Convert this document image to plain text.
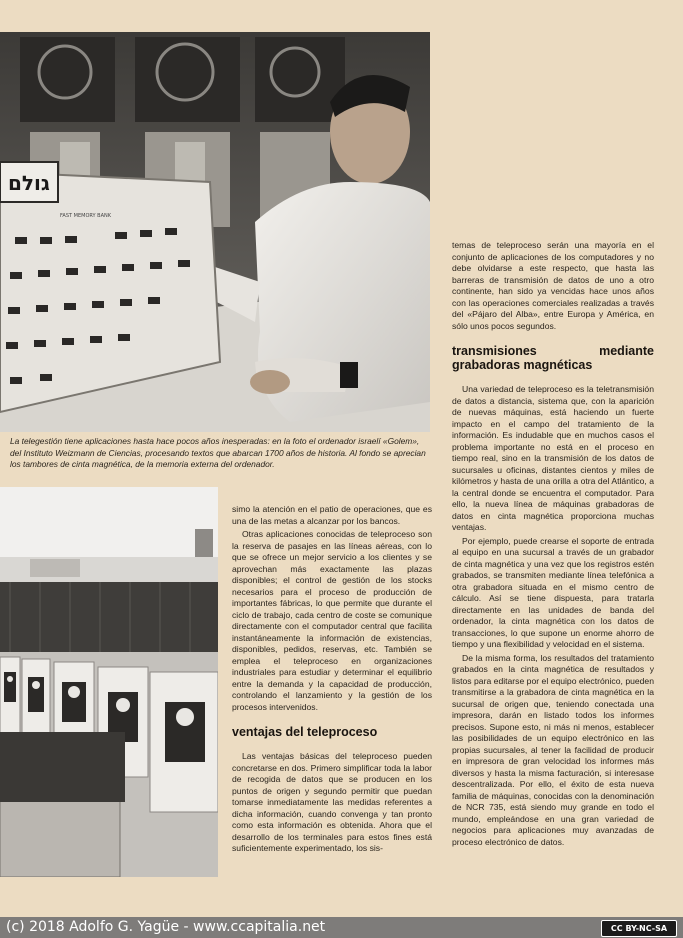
גולם
FAST MEMORY BANK

La telegestión tiene aplicaciones hasta hace pocos años inesperadas: en la foto el ordenador israelí «Golem», del Instituto Weizmann de Ciencias, procesando textos que abarcan 1700 años de historia. Al fondo se aprecian los tambores de cinta magnética, de la memoria externa del ordenador.

simo la atención en el patio de operaciones, que es una de las metas a alcanzar por los bancos.

Otras aplicaciones conocidas de teleproceso son la reserva de pasajes en las líneas aéreas, con lo que se ofrece un mejor servicio a los clientes y se aprovechan más exactamente las plazas disponibles; el control de gestión de los stocks necesarios para el proceso de producción de importantes fábricas, lo que permite que durante el ciclo de trabajo, cada centro de coste se comunique directamente con el computador central que facilita instantáneamente la información de existencias, disponibles, pedidos, reservas, etc. También se emplea el teleproceso en organizaciones industriales para estudiar y determinar el equilibrio entre la demanda y la capacidad de producción, controlando el lanzamiento y la gestión de los procesos intervenidos.

ventajas del teleproceso

Las ventajas básicas del teleproceso pueden concretarse en dos. Primero simplificar toda la labor de recogida de datos que se producen en los puntos de origen y segundo permitir que puedan tomarse inmediatamente las medidas referentes a dicha información, cuando convenga y tan pronto como esta información es obtenida. Ahora que el desarrollo de los terminales para estos fines está suficientemente experimentado, los sis-

temas de teleproceso serán una mayoría en el conjunto de aplicaciones de los computadores y no debe olvidarse a este respecto, que hasta las barreras de transmisión de datos de uno a otro continente, han sido ya vencidas hace unos años con las operaciones comerciales realizadas a través del «Pájaro del Alba», entre Europa y América, en sólo unos pocos segundos.

transmisiones mediante grabadoras magnéticas

Una variedad de teleproceso es la teletransmisión de datos a distancia, sistema que, con la aparición de nuevas máquinas, está haciendo un fuerte impacto en el campo del tratamiento de la información. Es indudable que en muchos casos el problema importante no está en el proceso en tiempo real, sino en la transmisión de los datos de sucursales u oficinas, distantes cientos y miles de kilómetros y hasta de una orilla a otra del Atlántico, a la central donde se encuentra el computador. Para ello, la nueva línea de máquinas grabadoras de datos en cinta magnética proporciona muchas ventajas.

Por ejemplo, puede crearse el soporte de entrada al equipo en una sucursal a través de un grabador de cinta magnética y una vez que los registros estén grabados, se transmiten mediante línea telefónica a otra grabadora situada en el mismo centro de cálculo. Así se tiene dispuesta, para tratarla directamente en las unidades de banda del ordenador, la cinta magnética con los datos de transacciones, lo que supone un enorme ahorro de tiempo y una flexibilidad y velocidad en el sistema.

De la misma forma, los resultados del tratamiento grabados en la cinta magnética de resultados y listos para editarse por el equipo electrónico, pueden transmitirse a la grabadora de cinta magnética en la sucursal de origen que, teniendo conectada una impresora, darán en listado todos los informes precisos. Supone esto, ni más ni menos, establecer las posibilidades de un equipo electrónico en las propias sucursales, al tener la facilidad de producir en impresora de gran velocidad los informes más diversos y hasta la misma facturación, si interesase descentralizada. Por ello, el éxito de esta nueva familia de máquinas, conocidas con la denominación de NCR 735, está siendo muy grande en todo el mundo, empleándose en una gran variedad de negocios para aplicaciones muy avanzadas de proceso electrónico de datos.

(c) 2018 Adolfo G. Yagüe - www.ccapitalia.net	CC BY-NC-SA
